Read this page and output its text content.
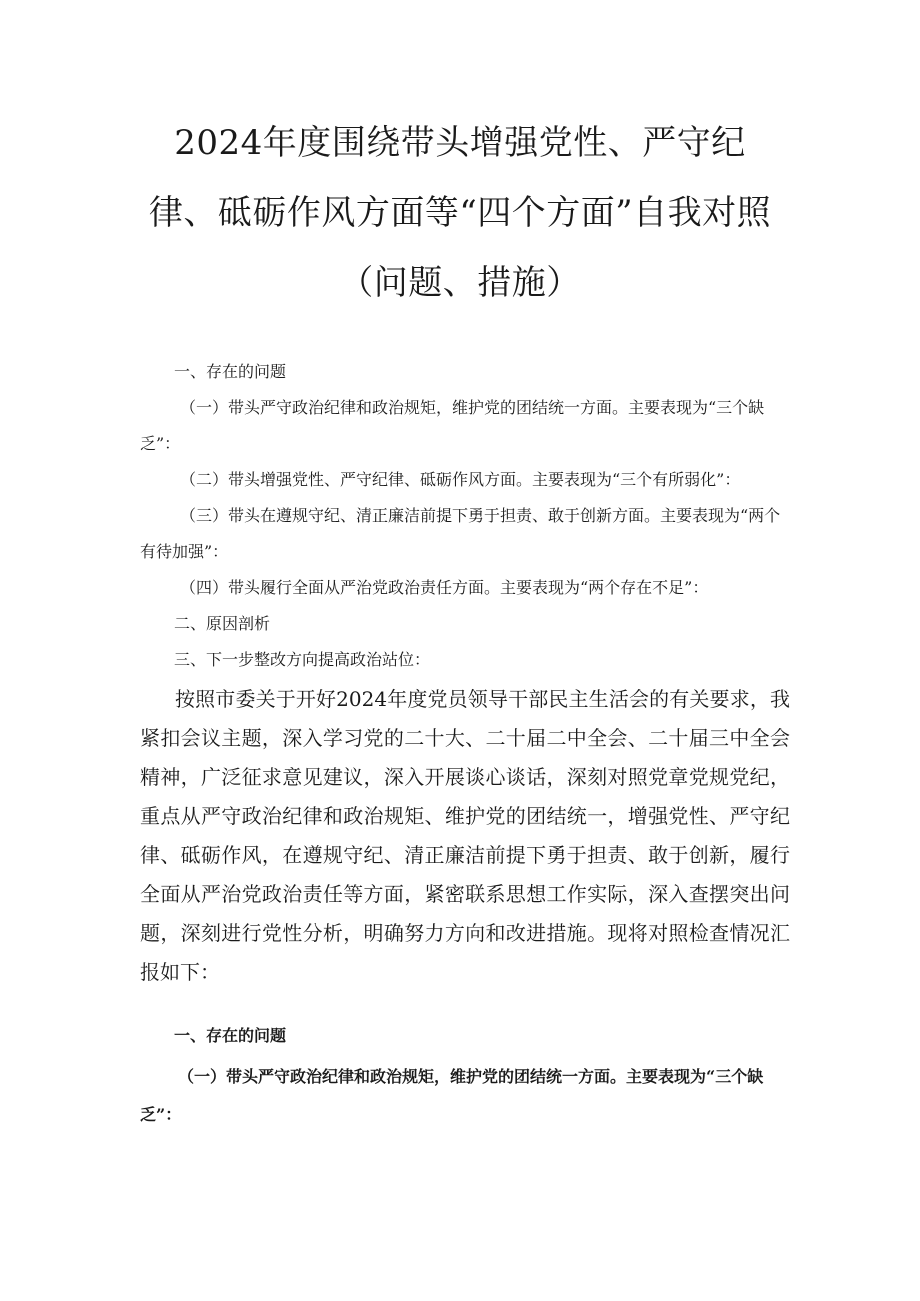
2024年度围绕带头增强党性、严守纪律、砥砺作风方面等“四个方面”自我对照（问题、措施）

一、存在的问题

（一）带头严守政治纪律和政治规矩，维护党的团结统一方面。主要表现为“三个缺乏”：

（二）带头增强党性、严守纪律、砥砺作风方面。主要表现为“三个有所弱化”：

（三）带头在遵规守纪、清正廉洁前提下勇于担责、敢于创新方面。主要表现为“两个有待加强”：

（四）带头履行全面从严治党政治责任方面。主要表现为“两个存在不足”：

二、原因剖析

三、下一步整改方向提高政治站位：

按照市委关于开好2024年度党员领导干部民主生活会的有关要求，我紧扣会议主题，深入学习党的二十大、二十届二中全会、二十届三中全会精神，广泛征求意见建议，深入开展谈心谈话，深刻对照党章党规党纪，重点从严守政治纪律和政治规矩、维护党的团结统一，增强党性、严守纪律、砥砺作风，在遵规守纪、清正廉洁前提下勇于担责、敢于创新，履行全面从严治党政治责任等方面，紧密联系思想工作实际，深入查摆突出问题，深刻进行党性分析，明确努力方向和改进措施。现将对照检查情况汇报如下：

一、存在的问题

（一）带头严守政治纪律和政治规矩，维护党的团结统一方面。主要表现为“三个缺乏”：
